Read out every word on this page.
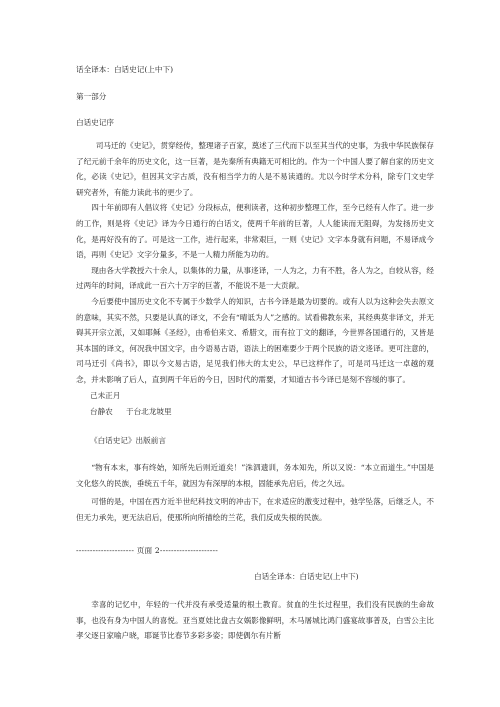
话全译本：白话史记(上中下)
第一部分
白话史记序

司马迁的《史记》，贯穿经传，整理诸子百家，奠述了三代而下以至其当代的史事，为我中华民族保存了纪元前千余年的历史文化，这一巨著，是先秦所有典籍无可相比的。作为一个中国人要了解自家的历史文化，必读《史记》，但因其文字古质，没有相当学力的人是不易读通的。尤以今时学术分科，除专门文史学研究者外，有能力读此书的更少了。

四十年前即有人倡议将《史记》分段标点，便利读者，这种初步整理工作，至今已经有人作了。进一步的工作，则是将《史记》译为今日通行的白话文，使两千年前的巨著，人人能读而无阻碍，为发扬历史文化，是再好没有的了。可是这一工作，进行起来，非常艰巨，一则《史记》文字本身就有问题，不易译成今语，再则《史记》文字分量多，不是一人精力所能为功的。

现由各大学教授六十余人，以集体的力量，从事迻译，一人为之，力有不胜，各人为之，自较从容，经过两年的时间，译成此一百六十万字的巨著，不能说不是一大贡献。

今后要使中国历史文化不专属于少数学人的知识，古书今译是最为切要的。或有人以为这种会失去原文的意味，其实不然，只要是认真的译文，不会有“晴诋为人”之感的。试看佛教东来，其经典莫非译文，并无碍其开宗立派，又如耶稣《圣经》，由希伯来文、希腊文，而有拉丁文的翻译，今世界各国通行的，又皆是其本国的译文，何况我中国文字，由今语易古语，语法上的困难要少于两个民族的语文迻译。更可注意的，司马迁引《尚书》，即以今文易古语，足见我们伟大的太史公，早已这样作了，可是司马迁这一卓越的观念，并未影响了后人，直到两千年后的今日，因时代的需要，才知道古书今译已是刻不容缓的事了。

己未正月
台静农 于台北龙坡里
《白话史记》出版前言

“物有本末，事有终始，知所先后则近道矣！”洙泗遗训，务本知先，所以又说：“本立而道生。”中国是文化悠久的民族，垂统五千年，就因为有深厚的本根，固能承先启后，传之久远。

可惜的是，中国在西方近半世纪科技文明的冲击下，在求适应的激变过程中，弛学坠落，后继乏人，不但无力承先，更无法启后，使那所向所描绘的兰花，我们反成失根的民族。

--------------------- 页面 2---------------------
白话全译本：白话史记(上中下)

幸喜的记忆中，年轻的一代并没有承受适量的根土教育。贫血的生长过程里，我们没有民族的生命故事，也没有身为中国人的喜悦。亚当夏娃比盘古女娲影像鲜明，木马屠城比鸿门盛宴故事普及，白雪公主比孝父逐日家喻户晓，耶诞节比春节多彩多姿；即使偶尔有片断
